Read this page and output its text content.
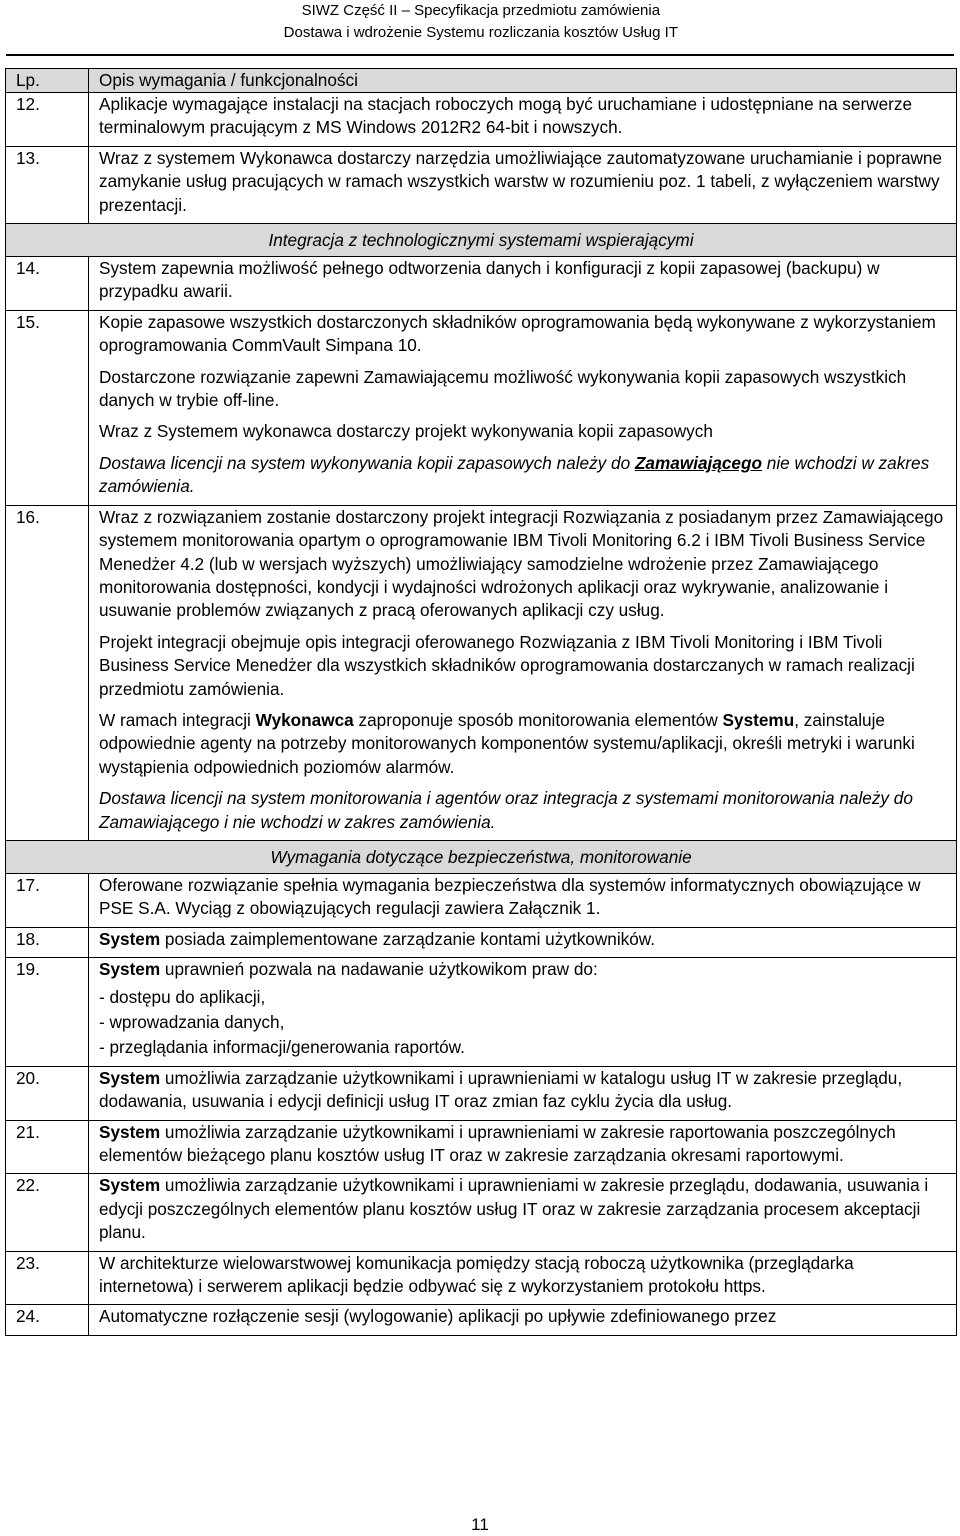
SIWZ Część II – Specyfikacja przedmiotu zamówienia
Dostawa i wdrożenie Systemu rozliczania kosztów Usług IT
Lp.	Opis wymagania / funkcjonalności
12.	Aplikacje wymagające instalacji na stacjach roboczych mogą być uruchamiane i udostępniane na serwerze terminalowym pracującym z MS Windows 2012R2 64-bit i nowszych.

13.	Wraz z systemem Wykonawca dostarczy narzędzia umożliwiające zautomatyzowane uruchamianie i poprawne zamykanie usług pracujących w ramach wszystkich warstw w rozumieniu poz. 1 tabeli, z wyłączeniem warstwy prezentacji.

Integracja z technologicznymi systemami wspierającymi	
14.	System zapewnia możliwość pełnego odtworzenia danych i konfiguracji z kopii zapasowej (backupu) w przypadku awarii.

15.	Kopie zapasowe wszystkich dostarczonych składników oprogramowania będą wykonywane z wykorzystaniem oprogramowania CommVault Simpana 10.
Dostarczone rozwiązanie zapewni Zamawiającemu możliwość wykonywania kopii zapasowych wszystkich danych w trybie off-line.
Wraz z Systemem wykonawca dostarczy projekt wykonywania kopii zapasowych
Dostawa licencji na system wykonywania kopii zapasowych należy do Zamawiającego nie wchodzi w zakres zamówienia.

16.	Wraz z rozwiązaniem zostanie dostarczony projekt integracji Rozwiązania z posiadanym przez Zamawiającego systemem monitorowania opartym o oprogramowanie IBM Tivoli Monitoring 6.2 i IBM Tivoli Business Service Menedżer 4.2 (lub w wersjach wyższych) umożliwiający samodzielne wdrożenie przez Zamawiającego monitorowania dostępności, kondycji i wydajności wdrożonych aplikacji oraz wykrywanie, analizowanie i usuwanie problemów związanych z pracą oferowanych aplikacji czy usług.
Projekt integracji obejmuje opis integracji oferowanego Rozwiązania z IBM Tivoli Monitoring i IBM Tivoli Business Service Menedżer dla wszystkich składników oprogramowania dostarczanych w ramach realizacji przedmiotu zamówienia.
W ramach integracji Wykonawca zaproponuje sposób monitorowania elementów Systemu, zainstaluje odpowiednie agenty na potrzeby monitorowanych komponentów systemu/aplikacji, określi metryki i warunki wystąpienia odpowiednich poziomów alarmów.
Dostawa licencji na system monitorowania i agentów oraz integracja z systemami monitorowania należy do Zamawiającego i nie wchodzi w zakres zamówienia.

Wymagania dotyczące bezpieczeństwa, monitorowanie	
17.	Oferowane rozwiązanie spełnia wymagania bezpieczeństwa dla systemów informatycznych obowiązujące w PSE S.A. Wyciąg z obowiązujących regulacji zawiera Załącznik 1.

18.	System posiada zaimplementowane zarządzanie kontami użytkowników.

19.	System uprawnień pozwala na nadawanie użytkowikom praw do:
- dostępu do aplikacji,
- wprowadzania danych,
- przeglądania informacji/generowania raportów.

20.	System umożliwia zarządzanie użytkownikami i uprawnieniami w katalogu usług IT w zakresie przeglądu, dodawania, usuwania i edycji definicji usług IT oraz zmian faz cyklu życia dla usług.

21.	System umożliwia zarządzanie użytkownikami i uprawnieniami w zakresie raportowania poszczególnych elementów bieżącego planu kosztów usług IT oraz w zakresie zarządzania okresami raportowymi.

22.	System umożliwia zarządzanie użytkownikami i uprawnieniami w zakresie przeglądu, dodawania, usuwania i edycji poszczególnych elementów planu kosztów usług IT oraz w zakresie zarządzania procesem akceptacji planu.

23.	W architekturze wielowarstwowej komunikacja pomiędzy stacją roboczą użytkownika (przeglądarka internetowa) i serwerem aplikacji będzie odbywać się z wykorzystaniem protokołu https.

24.	Automatyczne rozłączenie sesji (wylogowanie) aplikacji po upływie zdefiniowanego przez
11
